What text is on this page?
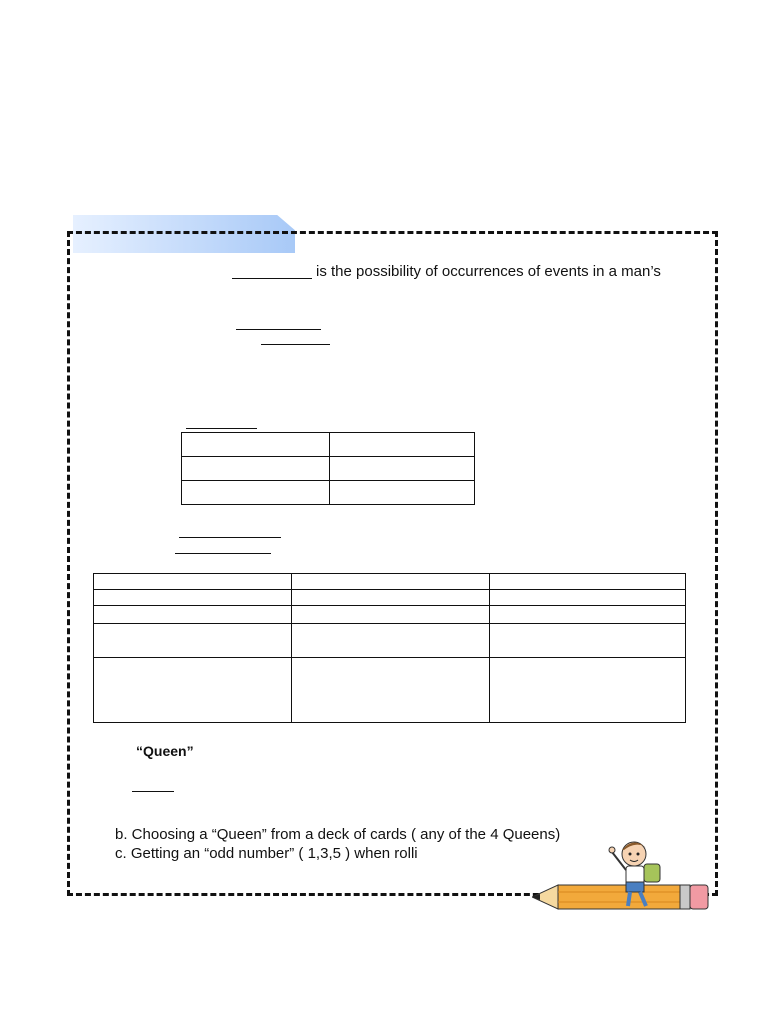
is the possibility of occurrences of events in a man’s

“Queen”
b. Choosing a “Queen” from a deck of cards ( any of the 4 Queens)
c. Getting an “odd number” ( 1,3,5 ) when rolli
